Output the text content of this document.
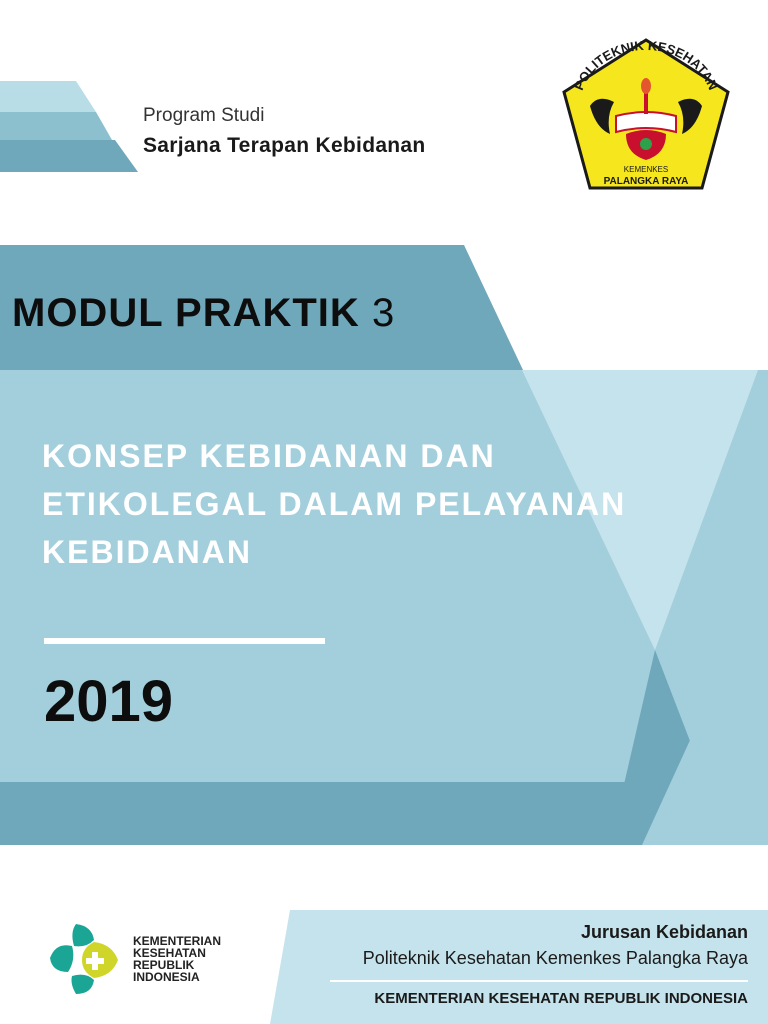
Program Studi
Sarjana Terapan Kebidanan
POLITEKNIK KESEHATAN
KEMENKES
PALANGKA RAYA
MODUL PRAKTIK 3
KONSEP KEBIDANAN DAN
ETIKOLEGAL DALAM PELAYANAN
KEBIDANAN
2019
KEMENTERIAN
KESEHATAN
REPUBLIK
INDONESIA
Jurusan Kebidanan
Politeknik Kesehatan Kemenkes Palangka Raya
KEMENTERIAN KESEHATAN REPUBLIK INDONESIA
